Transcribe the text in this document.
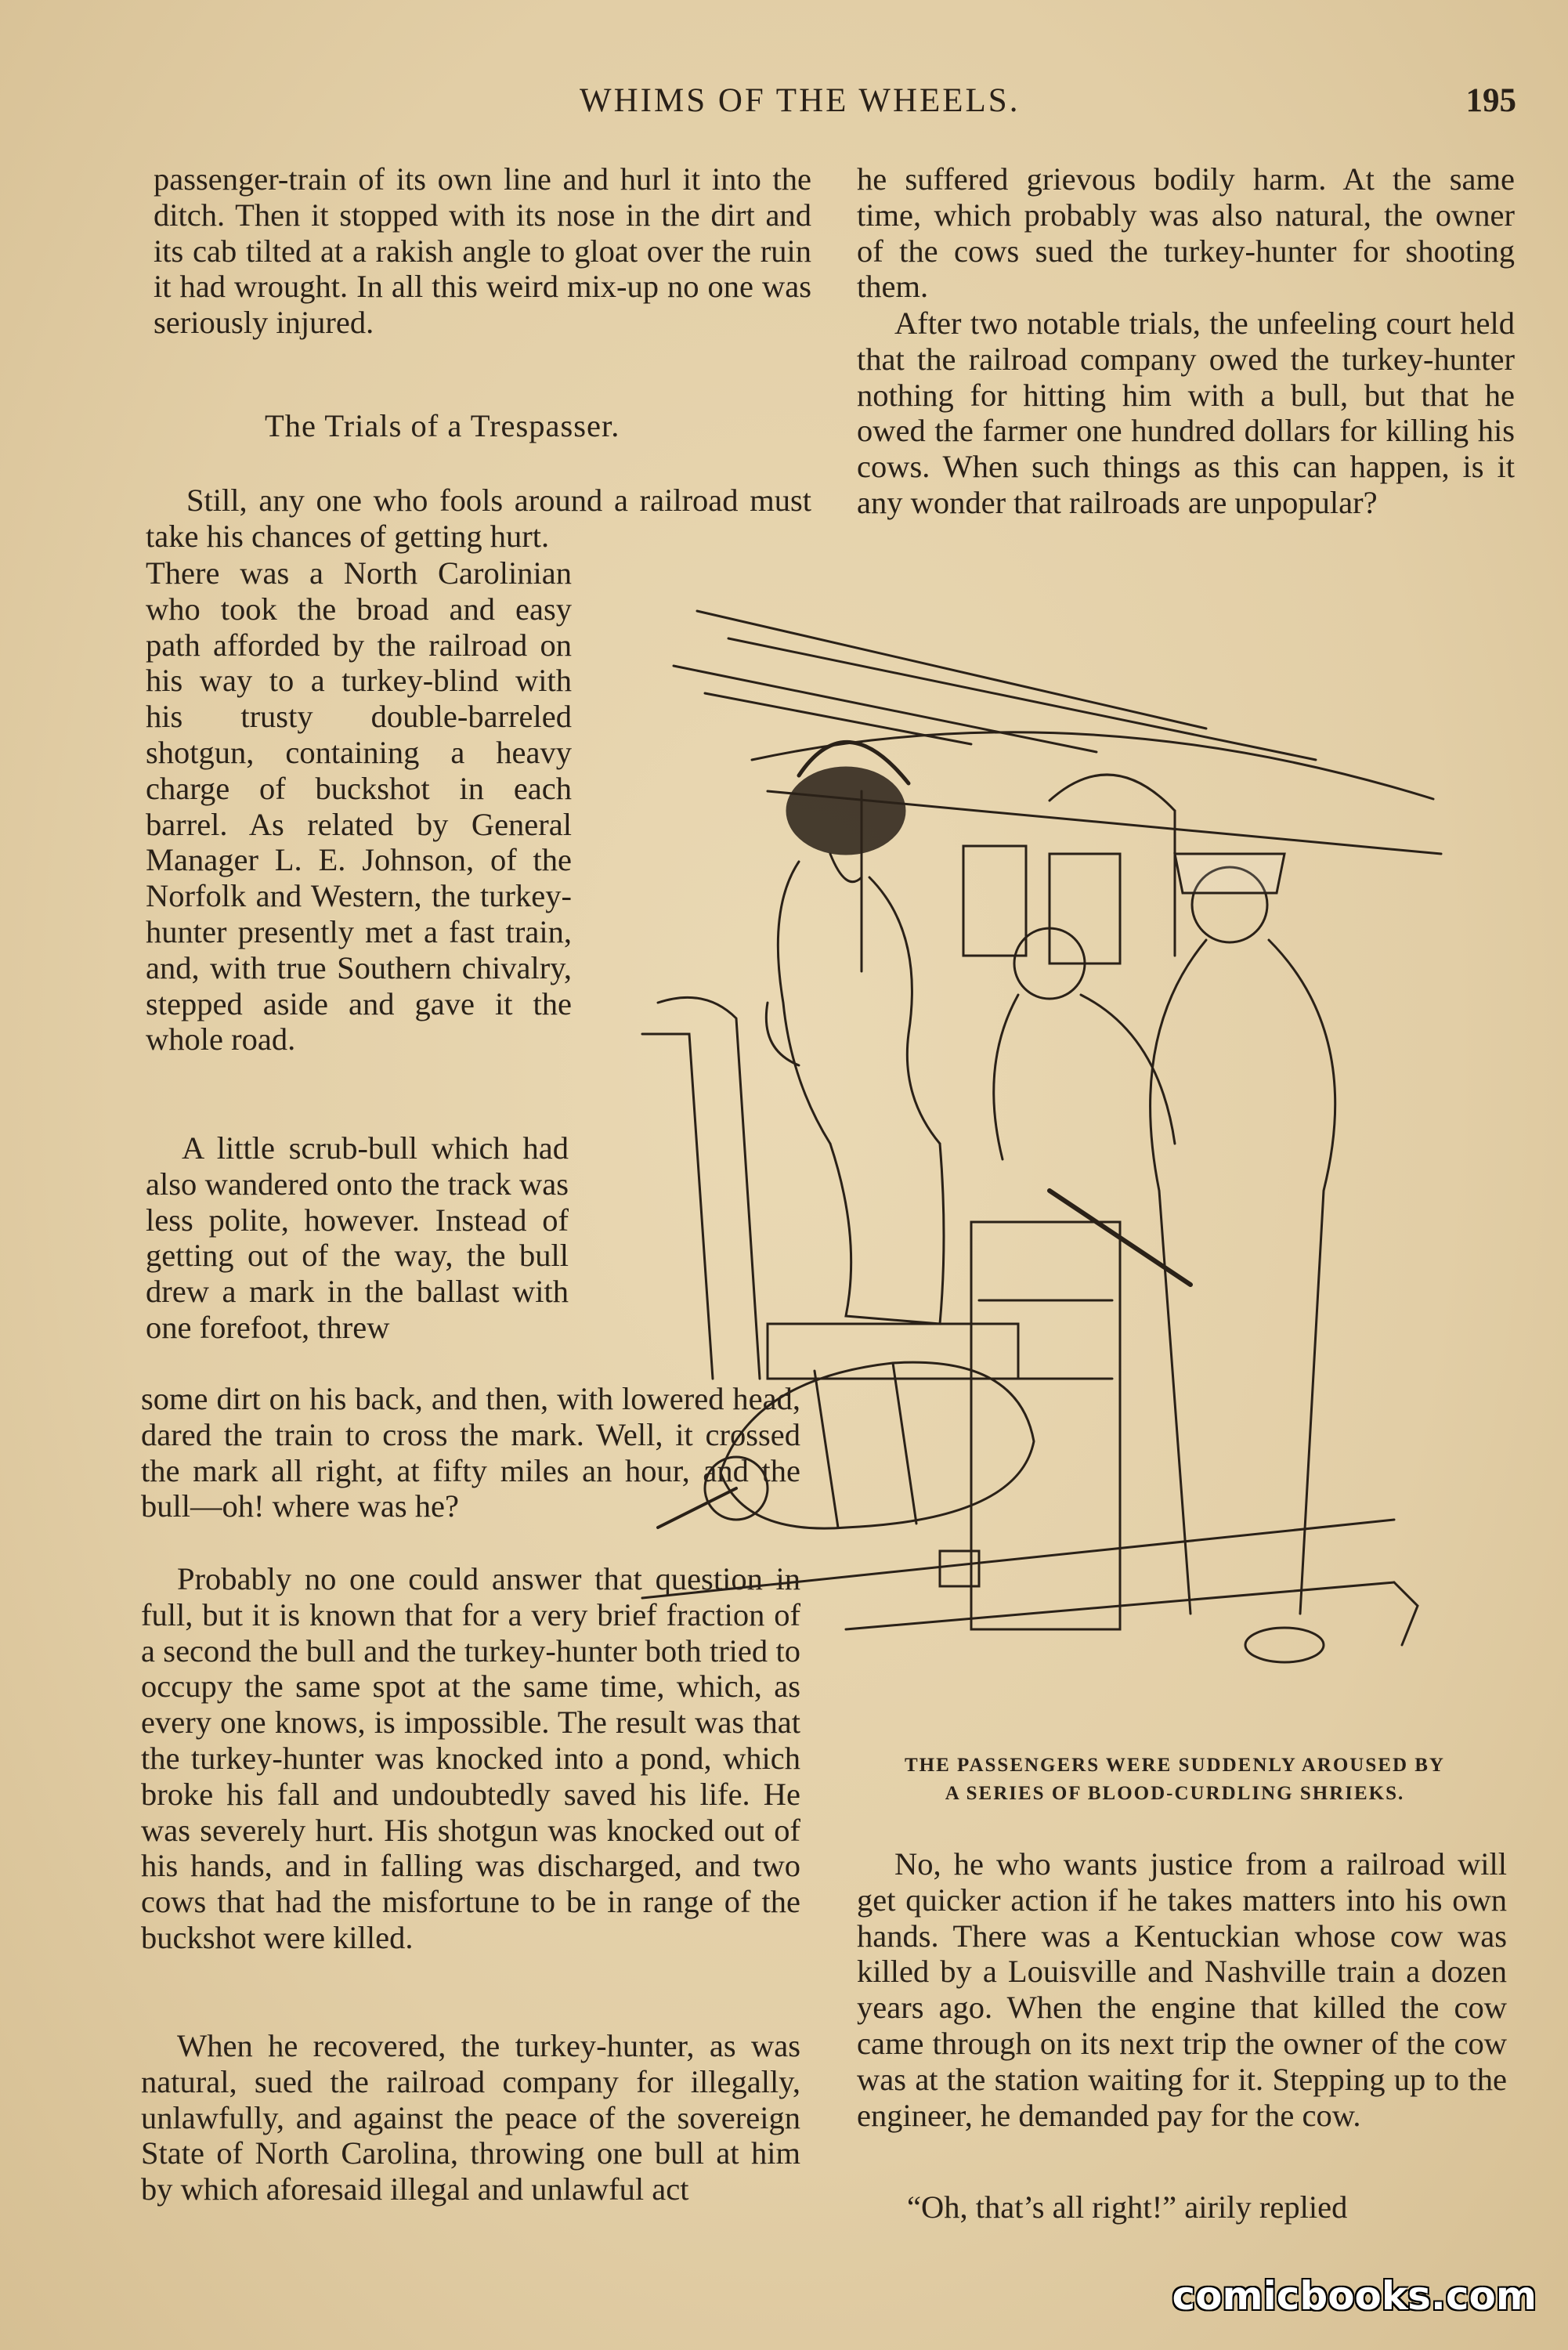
WHIMS OF THE WHEELS.	195

passenger-train of its own line and hurl it into the ditch. Then it stopped with its nose in the dirt and its cab tilted at a rakish angle to gloat over the ruin it had wrought. In all this weird mix-up no one was seriously injured.

The Trials of a Trespasser.

Still, any one who fools around a railroad must take his chances of getting hurt.

There was a North Carolinian who took the broad and easy path afforded by the railroad on his way to a turkey-blind with his trusty double-barreled shotgun, containing a heavy charge of buckshot in each barrel. As related by General Manager L. E. Johnson, of the Norfolk and Western, the turkey-hunter presently met a fast train, and, with true Southern chivalry, stepped aside and gave it the whole road.

A little scrub-bull which had also wandered onto the track was less polite, however. Instead of getting out of the way, the bull drew a mark in the ballast with one forefoot, threw

some dirt on his back, and then, with lowered head, dared the train to cross the mark. Well, it crossed the mark all right, at fifty miles an hour, and the bull—oh! where was he?

Probably no one could answer that question in full, but it is known that for a very brief fraction of a second the bull and the turkey-hunter both tried to occupy the same spot at the same time, which, as every one knows, is impossible. The result was that the turkey-hunter was knocked into a pond, which broke his fall and undoubtedly saved his life. He was severely hurt. His shotgun was knocked out of his hands, and in falling was discharged, and two cows that had the misfortune to be in range of the buckshot were killed.

When he recovered, the turkey-hunter, as was natural, sued the railroad company for illegally, unlawfully, and against the peace of the sovereign State of North Carolina, throwing one bull at him by which aforesaid illegal and unlawful act

he suffered grievous bodily harm. At the same time, which probably was also natural, the owner of the cows sued the turkey-hunter for shooting them.

After two notable trials, the unfeeling court held that the railroad company owed the turkey-hunter nothing for hitting him with a bull, but that he owed the farmer one hundred dollars for killing his cows. When such things as this can happen, is it any wonder that railroads are unpopular?

THE PASSENGERS WERE SUDDENLY AROUSED BY
A SERIES OF BLOOD-CURDLING SHRIEKS.

No, he who wants justice from a railroad will get quicker action if he takes matters into his own hands. There was a Kentuckian whose cow was killed by a Louisville and Nashville train a dozen years ago. When the engine that killed the cow came through on its next trip the owner of the cow was at the station waiting for it. Stepping up to the engineer, he demanded pay for the cow.

“Oh, that’s all right!” airily replied

comicbooks.com
